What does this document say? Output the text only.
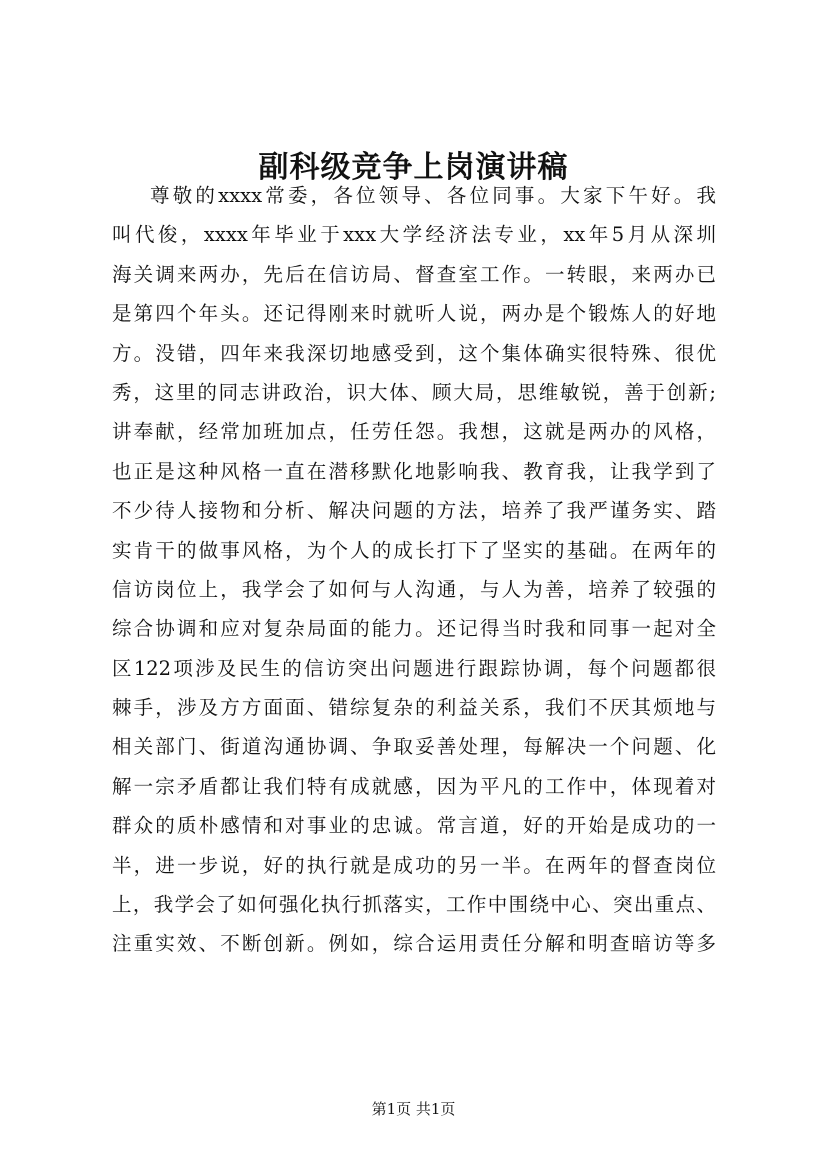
副科级竞争上岗演讲稿
尊敬的xxxx常委，各位领导、各位同事。大家下午好。我
叫代俊，xxxx年毕业于xxx大学经济法专业，xx年5月从深圳
海关调来两办，先后在信访局、督查室工作。一转眼，来两办已
是第四个年头。还记得刚来时就听人说，两办是个锻炼人的好地
方。没错，四年来我深切地感受到，这个集体确实很特殊、很优
秀，这里的同志讲政治，识大体、顾大局，思维敏锐，善于创新;
讲奉献，经常加班加点，任劳任怨。我想，这就是两办的风格，
也正是这种风格一直在潜移默化地影响我、教育我，让我学到了
不少待人接物和分析、解决问题的方法，培养了我严谨务实、踏
实肯干的做事风格，为个人的成长打下了坚实的基础。在两年的
信访岗位上，我学会了如何与人沟通，与人为善，培养了较强的
综合协调和应对复杂局面的能力。还记得当时我和同事一起对全
区122项涉及民生的信访突出问题进行跟踪协调，每个问题都很
棘手，涉及方方面面、错综复杂的利益关系，我们不厌其烦地与
相关部门、街道沟通协调、争取妥善处理，每解决一个问题、化
解一宗矛盾都让我们特有成就感，因为平凡的工作中，体现着对
群众的质朴感情和对事业的忠诚。常言道，好的开始是成功的一
半，进一步说，好的执行就是成功的另一半。在两年的督查岗位
上，我学会了如何强化执行抓落实，工作中围绕中心、突出重点、
注重实效、不断创新。例如，综合运用责任分解和明查暗访等多
第1页 共1页
